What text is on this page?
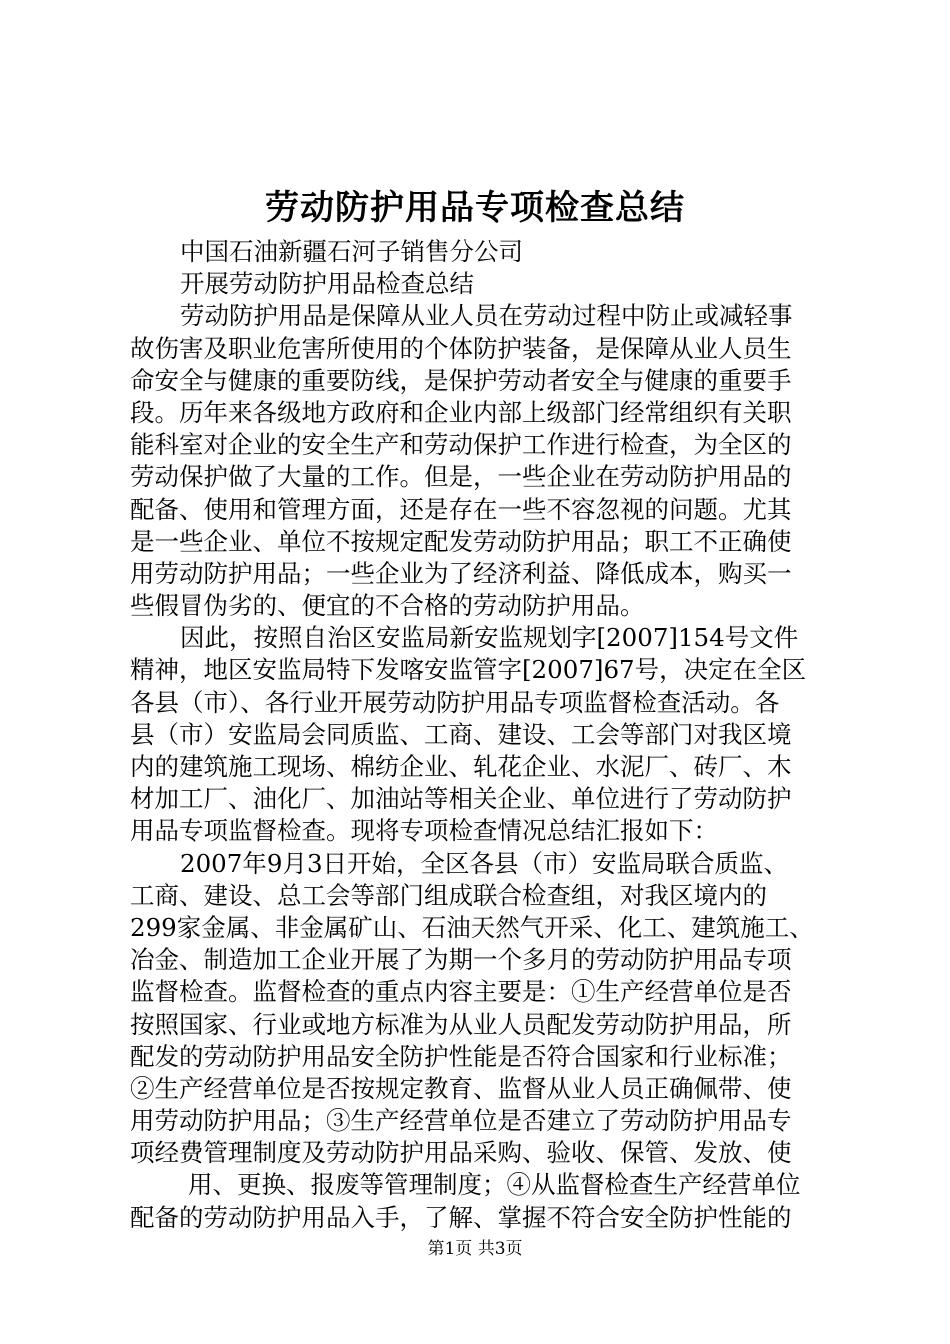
劳动防护用品专项检查总结
中国石油新疆石河子销售分公司
开展劳动防护用品检查总结
劳动防护用品是保障从业人员在劳动过程中防止或减轻事
故伤害及职业危害所使用的个体防护装备，是保障从业人员生
命安全与健康的重要防线，是保护劳动者安全与健康的重要手
段。历年来各级地方政府和企业内部上级部门经常组织有关职
能科室对企业的安全生产和劳动保护工作进行检查，为全区的
劳动保护做了大量的工作。但是，一些企业在劳动防护用品的
配备、使用和管理方面，还是存在一些不容忽视的问题。尤其
是一些企业、单位不按规定配发劳动防护用品；职工不正确使
用劳动防护用品；一些企业为了经济利益、降低成本，购买一
些假冒伪劣的、便宜的不合格的劳动防护用品。
因此，按照自治区安监局新安监规划字[2007]154号文件
精神，地区安监局特下发喀安监管字[2007]67号，决定在全区
各县（市）、各行业开展劳动防护用品专项监督检查活动。各
县（市）安监局会同质监、工商、建设、工会等部门对我区境
内的建筑施工现场、棉纺企业、轧花企业、水泥厂、砖厂、木
材加工厂、油化厂、加油站等相关企业、单位进行了劳动防护
用品专项监督检查。现将专项检查情况总结汇报如下：
2007年9月3日开始，全区各县（市）安监局联合质监、
工商、建设、总工会等部门组成联合检查组，对我区境内的
299家金属、非金属矿山、石油天然气开采、化工、建筑施工、
冶金、制造加工企业开展了为期一个多月的劳动防护用品专项
监督检查。监督检查的重点内容主要是：①生产经营单位是否
按照国家、行业或地方标准为从业人员配发劳动防护用品，所
配发的劳动防护用品安全防护性能是否符合国家和行业标准；
②生产经营单位是否按规定教育、监督从业人员正确佩带、使
用劳动防护用品；③生产经营单位是否建立了劳动防护用品专
项经费管理制度及劳动防护用品采购、验收、保管、发放、使
用、更换、报废等管理制度；④从监督检查生产经营单位
配备的劳动防护用品入手，了解、掌握不符合安全防护性能的
第1页 共3页
